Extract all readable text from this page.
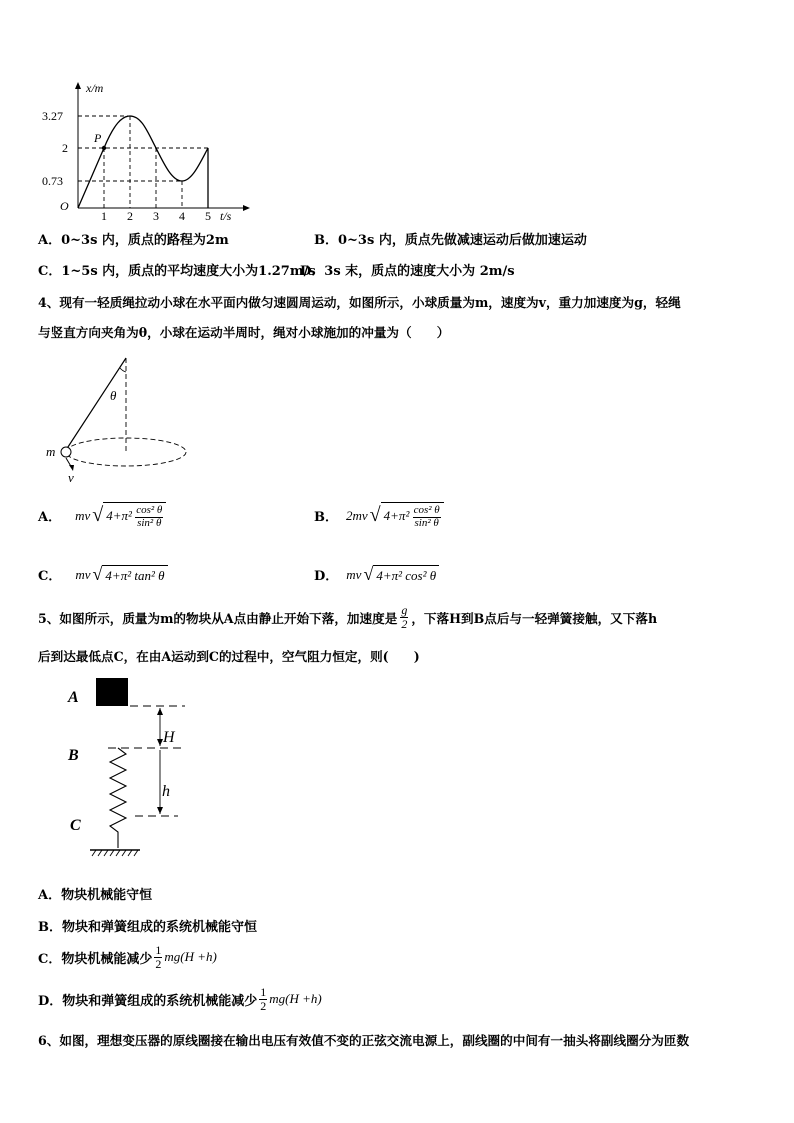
x/m
t/s
O
P
3.27
2
0.73
1 2 3 4 5
A．0~3s 内，质点的路程为2m	B．0~3s 内，质点先做减速运动后做加速运动
C．1~5s 内，质点的平均速度大小为1.27m/s
D．3s 末，质点的速度大小为 2m/s
4、现有一轻质绳拉动小球在水平面内做匀速圆周运动，如图所示，小球质量为m，速度为v，重力加速度为g，轻绳
与竖直方向夹角为θ，小球在运动半周时，绳对小球施加的冲量为（　　）
θ
m
v
A． mv √ $4+\pi^2 \frac{\text{cos² θ}}{\text{sin² θ}}$	B． 2mv √ $4+\pi^2 \frac{\text{cos² θ}}{\text{sin² θ}}$
C． mv √ 4+π² tan² θ	D． mv √ 4+π² cos² θ
5、如图所示，质量为m的物块从A点由静止开始下落，加速度是 $\frac{g}{2}$ ，下落H到B点后与一轻弹簧接触，又下落h
后到达最低点C，在由A运动到C的过程中，空气阻力恒定，则(　　)
A
B
C
H
h
A．物块机械能守恒
B．物块和弹簧组成的系统机械能守恒
C．物块机械能减少 $\frac{1}{2} mg(H +h)$
D．物块和弹簧组成的系统机械能减少 $\frac{1}{2} mg(H +h)$
6、如图，理想变压器的原线圈接在输出电压有效值不变的正弦交流电源上，副线圈的中间有一抽头将副线圈分为匝数
